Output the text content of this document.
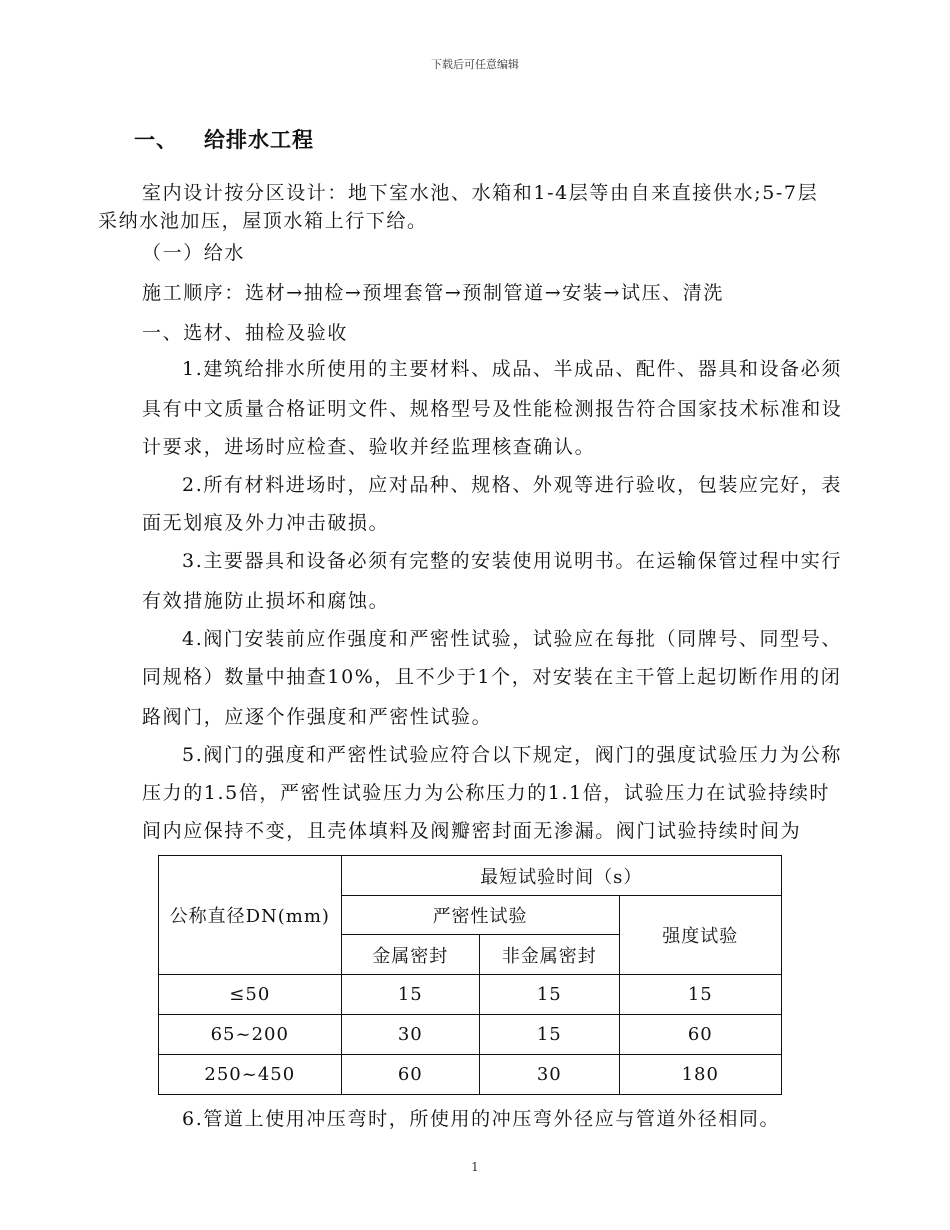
下载后可任意编辑
一、 给排水工程
室内设计按分区设计：地下室水池、水箱和1-4层等由自来直接供水;5-7层
采纳水池加压，屋顶水箱上行下给。
（一）给水
施工顺序：选材→抽检→预埋套管→预制管道→安装→试压、清洗
一、选材、抽检及验收
1.建筑给排水所使用的主要材料、成品、半成品、配件、器具和设备必须
具有中文质量合格证明文件、规格型号及性能检测报告符合国家技术标准和设
计要求，进场时应检查、验收并经监理核查确认。
2.所有材料进场时，应对品种、规格、外观等进行验收，包装应完好，表
面无划痕及外力冲击破损。
3.主要器具和设备必须有完整的安装使用说明书。在运输保管过程中实行
有效措施防止损坏和腐蚀。
4.阀门安装前应作强度和严密性试验，试验应在每批（同牌号、同型号、
同规格）数量中抽查10%，且不少于1个，对安装在主干管上起切断作用的闭
路阀门，应逐个作强度和严密性试验。
5.阀门的强度和严密性试验应符合以下规定，阀门的强度试验压力为公称
压力的1.5倍，严密性试验压力为公称压力的1.1倍，试验压力在试验持续时
间内应保持不变，且壳体填料及阀瓣密封面无渗漏。阀门试验持续时间为
公称直径DN(mm)	最短试验时间（s）		
	严密性试验		强度试验
	金属密封	非金属密封	
≤50	15	15	15
65~200	30	15	60
250~450	60	30	180
6.管道上使用冲压弯时，所使用的冲压弯外径应与管道外径相同。
1
